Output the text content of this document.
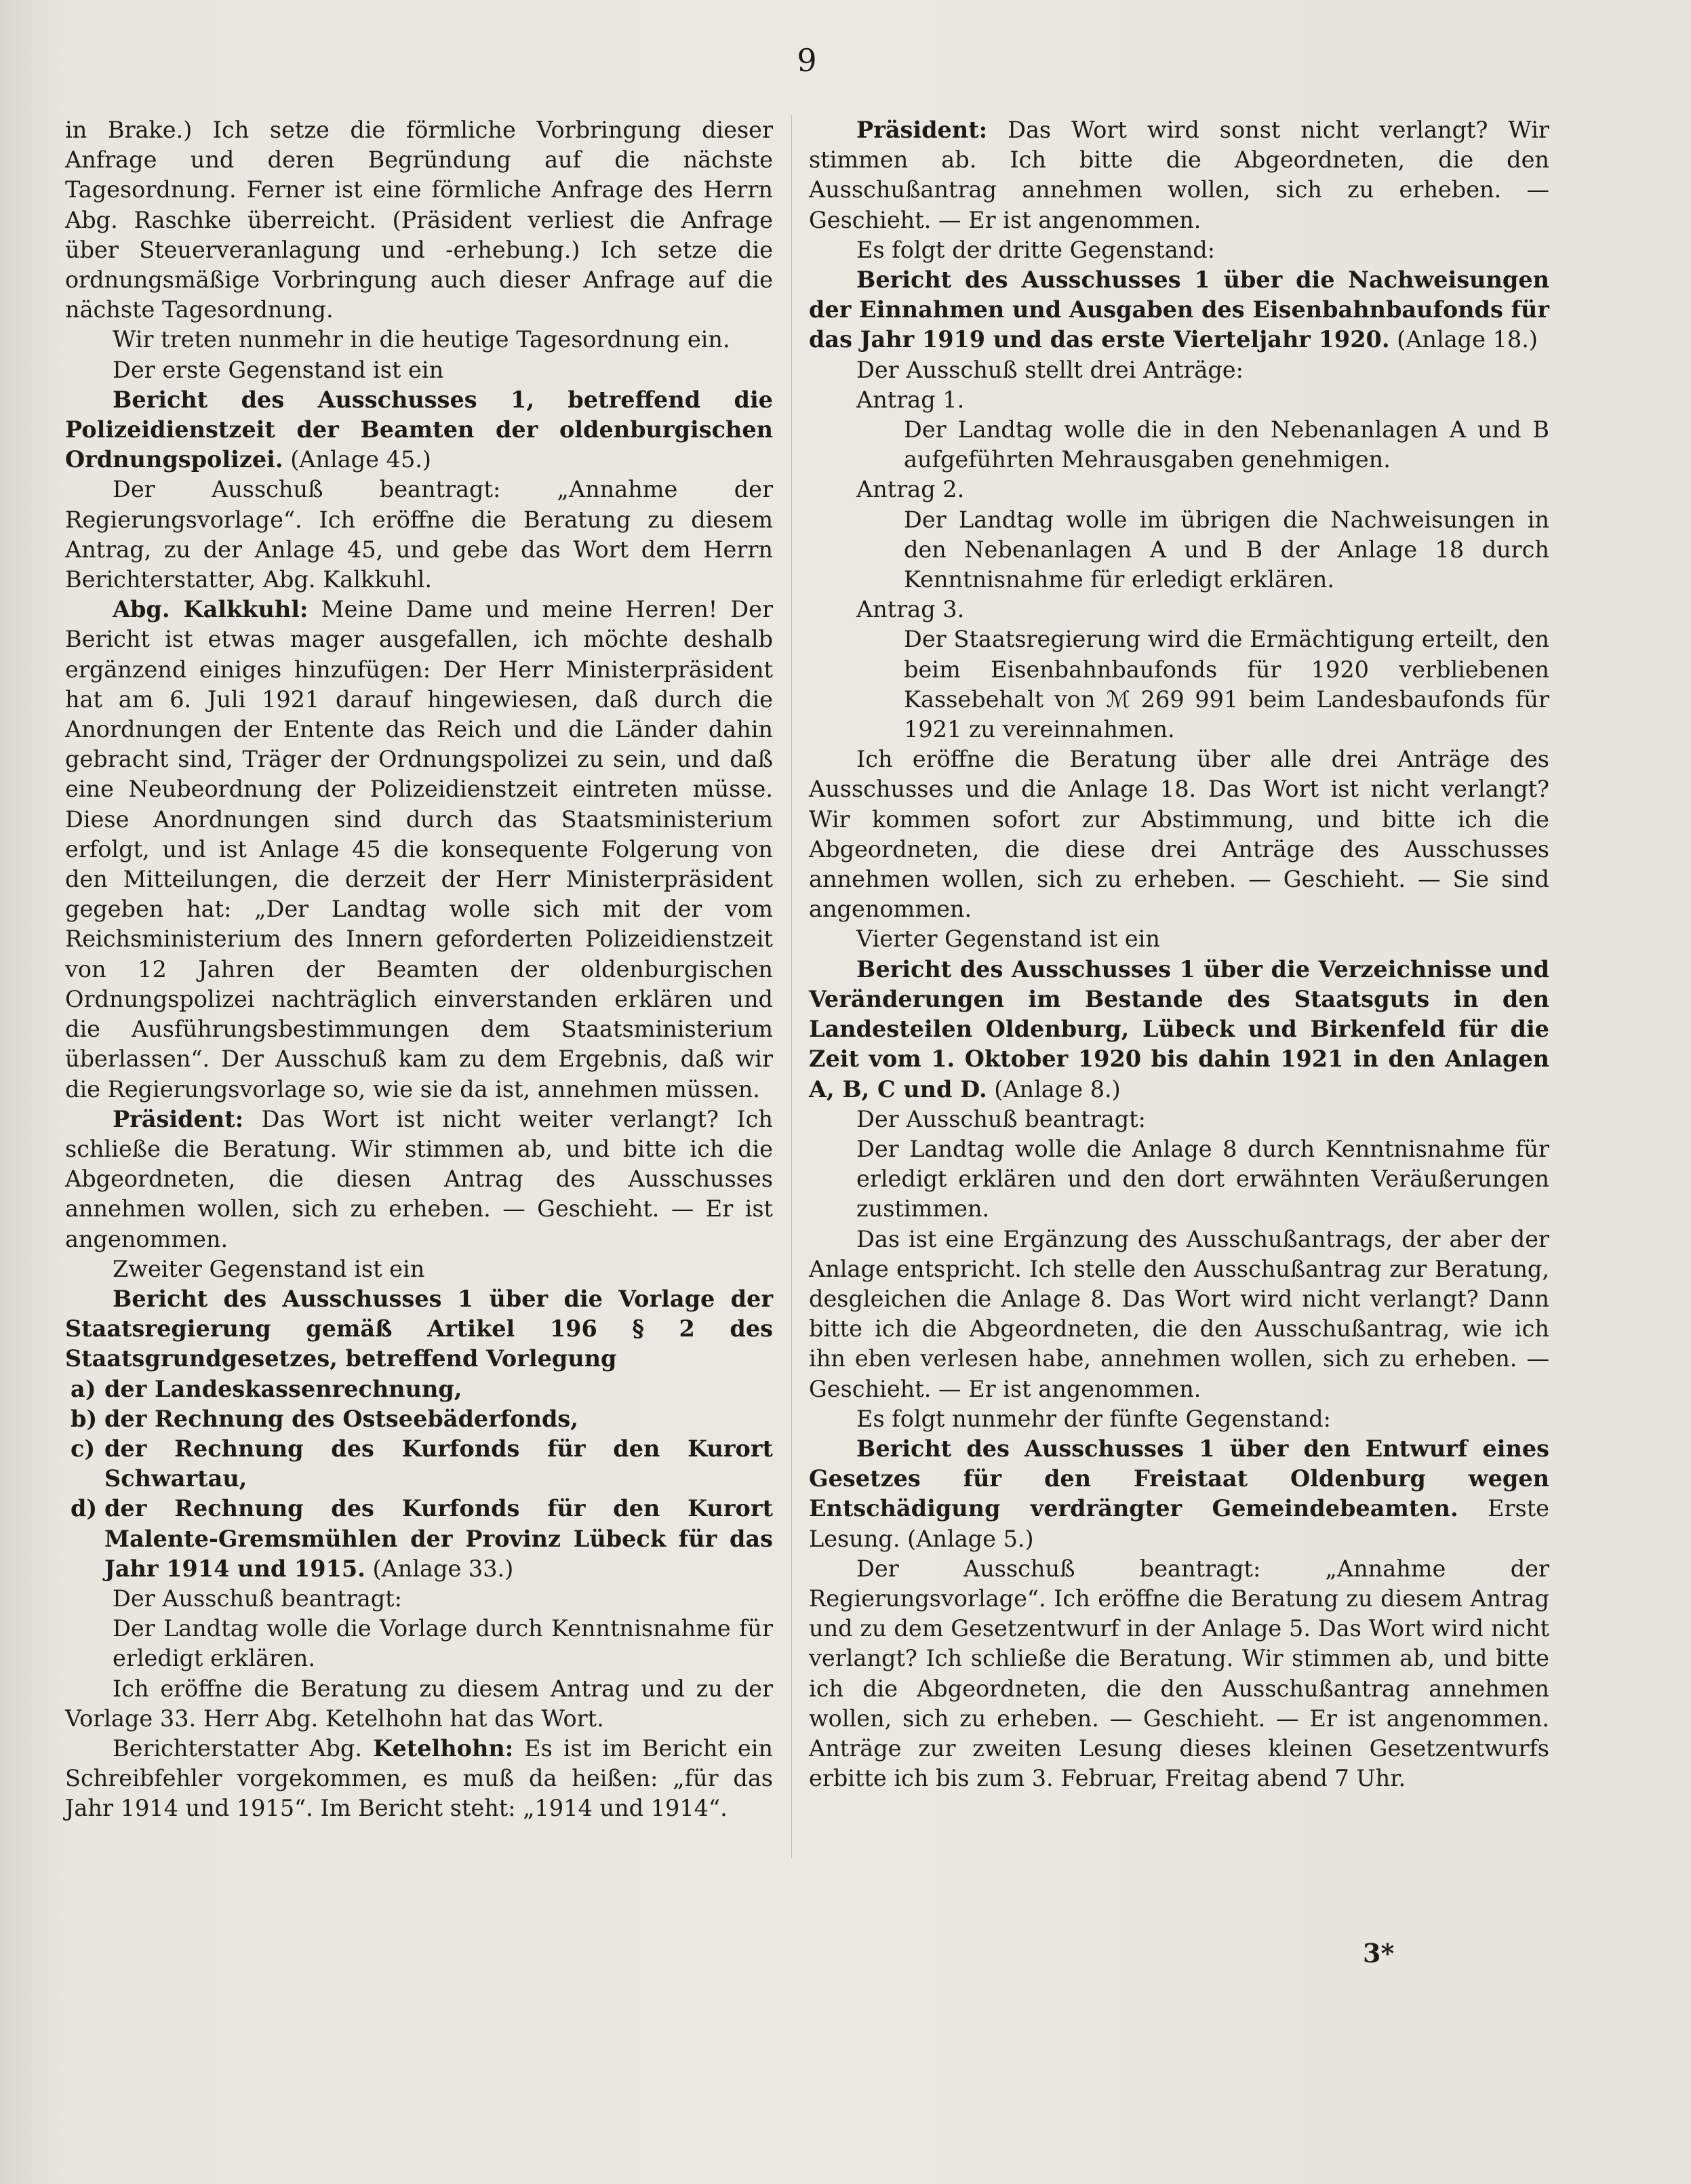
9

in Brake.) Ich setze die förmliche Vorbringung dieser Anfrage und deren Begründung auf die nächste Tagesordnung. Ferner ist eine förmliche Anfrage des Herrn Abg. Raschke überreicht. (Präsident verliest die Anfrage über Steuerveranlagung und -erhebung.) Ich setze die ordnungsmäßige Vorbringung auch dieser Anfrage auf die nächste Tagesordnung.

Wir treten nunmehr in die heutige Tagesordnung ein.

Der erste Gegenstand ist ein

Bericht des Ausschusses 1, betreffend die Polizeidienstzeit der Beamten der oldenburgischen Ordnungspolizei. (Anlage 45.)

Der Ausschuß beantragt: „Annahme der Regierungsvorlage“. Ich eröffne die Beratung zu diesem Antrag, zu der Anlage 45, und gebe das Wort dem Herrn Berichterstatter, Abg. Kalkkuhl.

Abg. Kalkkuhl: Meine Dame und meine Herren! Der Bericht ist etwas mager ausgefallen, ich möchte deshalb ergänzend einiges hinzufügen: Der Herr Ministerpräsident hat am 6. Juli 1921 darauf hingewiesen, daß durch die Anordnungen der Entente das Reich und die Länder dahin gebracht sind, Träger der Ordnungspolizei zu sein, und daß eine Neubeordnung der Polizeidienstzeit eintreten müsse. Diese Anordnungen sind durch das Staatsministerium erfolgt, und ist Anlage 45 die konsequente Folgerung von den Mitteilungen, die derzeit der Herr Ministerpräsident gegeben hat: „Der Landtag wolle sich mit der vom Reichsministerium des Innern geforderten Polizeidienstzeit von 12 Jahren der Beamten der oldenburgischen Ordnungspolizei nachträglich einverstanden erklären und die Ausführungsbestimmungen dem Staatsministerium überlassen“. Der Ausschuß kam zu dem Ergebnis, daß wir die Regierungsvorlage so, wie sie da ist, annehmen müssen.

Präsident: Das Wort ist nicht weiter verlangt? Ich schließe die Beratung. Wir stimmen ab, und bitte ich die Abgeordneten, die diesen Antrag des Ausschusses annehmen wollen, sich zu erheben. — Geschieht. — Er ist angenommen.

Zweiter Gegenstand ist ein

Bericht des Ausschusses 1 über die Vorlage der Staatsregierung gemäß Artikel 196 § 2 des Staatsgrundgesetzes, betreffend Vorlegung

a) der Landeskassenrechnung,
b) der Rechnung des Ostseebäderfonds,
c) der Rechnung des Kurfonds für den Kurort Schwartau,
d) der Rechnung des Kurfonds für den Kurort Malente-Gremsmühlen der Provinz Lübeck für das Jahr 1914 und 1915. (Anlage 33.)

Der Ausschuß beantragt:

Der Landtag wolle die Vorlage durch Kenntnisnahme für erledigt erklären.

Ich eröffne die Beratung zu diesem Antrag und zu der Vorlage 33. Herr Abg. Ketelhohn hat das Wort.

Berichterstatter Abg. Ketelhohn: Es ist im Bericht ein Schreibfehler vorgekommen, es muß da heißen: „für das Jahr 1914 und 1915“. Im Bericht steht: „1914 und 1914“.

Präsident: Das Wort wird sonst nicht verlangt? Wir stimmen ab. Ich bitte die Abgeordneten, die den Ausschußantrag annehmen wollen, sich zu erheben. — Geschieht. — Er ist angenommen.

Es folgt der dritte Gegenstand:

Bericht des Ausschusses 1 über die Nachweisungen der Einnahmen und Ausgaben des Eisenbahnbaufonds für das Jahr 1919 und das erste Vierteljahr 1920. (Anlage 18.)

Der Ausschuß stellt drei Anträge:

Antrag 1.

Der Landtag wolle die in den Nebenanlagen A und B aufgeführten Mehrausgaben genehmigen.

Antrag 2.

Der Landtag wolle im übrigen die Nachweisungen in den Nebenanlagen A und B der Anlage 18 durch Kenntnisnahme für erledigt erklären.

Antrag 3.

Der Staatsregierung wird die Ermächtigung erteilt, den beim Eisenbahnbaufonds für 1920 verbliebenen Kassebehalt von ℳ 269 991 beim Landesbaufonds für 1921 zu vereinnahmen.

Ich eröffne die Beratung über alle drei Anträge des Ausschusses und die Anlage 18. Das Wort ist nicht verlangt? Wir kommen sofort zur Abstimmung, und bitte ich die Abgeordneten, die diese drei Anträge des Ausschusses annehmen wollen, sich zu erheben. — Geschieht. — Sie sind angenommen.

Vierter Gegenstand ist ein

Bericht des Ausschusses 1 über die Verzeichnisse und Veränderungen im Bestande des Staatsguts in den Landesteilen Oldenburg, Lübeck und Birkenfeld für die Zeit vom 1. Oktober 1920 bis dahin 1921 in den Anlagen A, B, C und D. (Anlage 8.)

Der Ausschuß beantragt:

Der Landtag wolle die Anlage 8 durch Kenntnisnahme für erledigt erklären und den dort erwähnten Veräußerungen zustimmen.

Das ist eine Ergänzung des Ausschußantrags, der aber der Anlage entspricht. Ich stelle den Ausschußantrag zur Beratung, desgleichen die Anlage 8. Das Wort wird nicht verlangt? Dann bitte ich die Abgeordneten, die den Ausschußantrag, wie ich ihn eben verlesen habe, annehmen wollen, sich zu erheben. — Geschieht. — Er ist angenommen.

Es folgt nunmehr der fünfte Gegenstand:

Bericht des Ausschusses 1 über den Entwurf eines Gesetzes für den Freistaat Oldenburg wegen Entschädigung verdrängter Gemeindebeamten. Erste Lesung. (Anlage 5.)

Der Ausschuß beantragt: „Annahme der Regierungsvorlage“. Ich eröffne die Beratung zu diesem Antrag und zu dem Gesetzentwurf in der Anlage 5. Das Wort wird nicht verlangt? Ich schließe die Beratung. Wir stimmen ab, und bitte ich die Abgeordneten, die den Ausschußantrag annehmen wollen, sich zu erheben. — Geschieht. — Er ist angenommen. Anträge zur zweiten Lesung dieses kleinen Gesetzentwurfs erbitte ich bis zum 3. Februar, Freitag abend 7 Uhr.

3*
